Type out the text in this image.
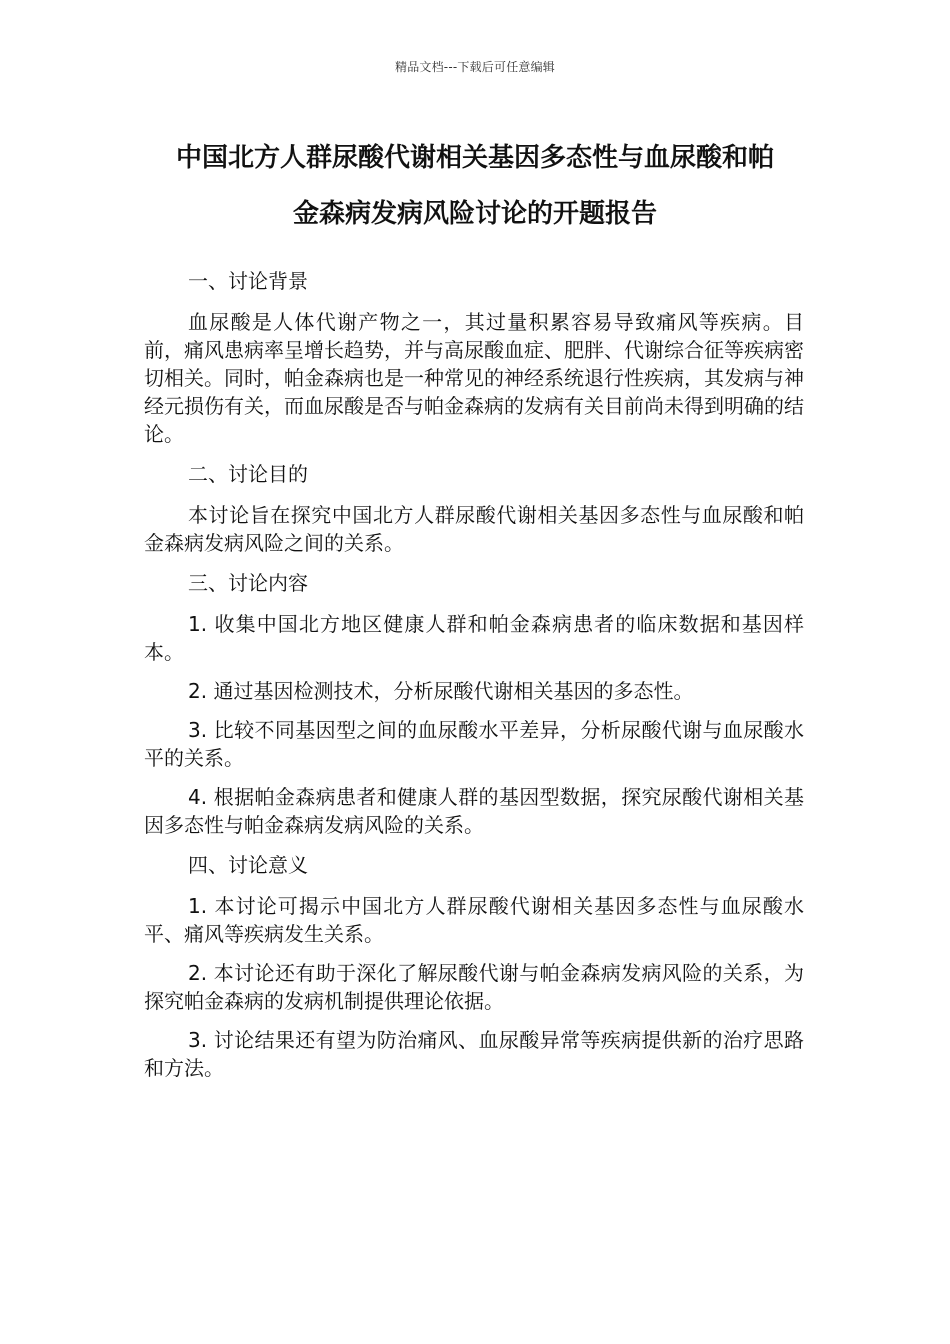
精品文档---下载后可任意编辑
中国北方人群尿酸代谢相关基因多态性与血尿酸和帕
金森病发病风险讨论的开题报告

一、讨论背景

血尿酸是人体代谢产物之一，其过量积累容易导致痛风等疾病。目前，痛风患病率呈增长趋势，并与高尿酸血症、肥胖、代谢综合征等疾病密切相关。同时，帕金森病也是一种常见的神经系统退行性疾病，其发病与神经元损伤有关，而血尿酸是否与帕金森病的发病有关目前尚未得到明确的结论。

二、讨论目的

本讨论旨在探究中国北方人群尿酸代谢相关基因多态性与血尿酸和帕金森病发病风险之间的关系。

三、讨论内容

1. 收集中国北方地区健康人群和帕金森病患者的临床数据和基因样本。

2. 通过基因检测技术，分析尿酸代谢相关基因的多态性。

3. 比较不同基因型之间的血尿酸水平差异，分析尿酸代谢与血尿酸水平的关系。

4. 根据帕金森病患者和健康人群的基因型数据，探究尿酸代谢相关基因多态性与帕金森病发病风险的关系。

四、讨论意义

1. 本讨论可揭示中国北方人群尿酸代谢相关基因多态性与血尿酸水平、痛风等疾病发生关系。

2. 本讨论还有助于深化了解尿酸代谢与帕金森病发病风险的关系，为探究帕金森病的发病机制提供理论依据。

3. 讨论结果还有望为防治痛风、血尿酸异常等疾病提供新的治疗思路和方法。
